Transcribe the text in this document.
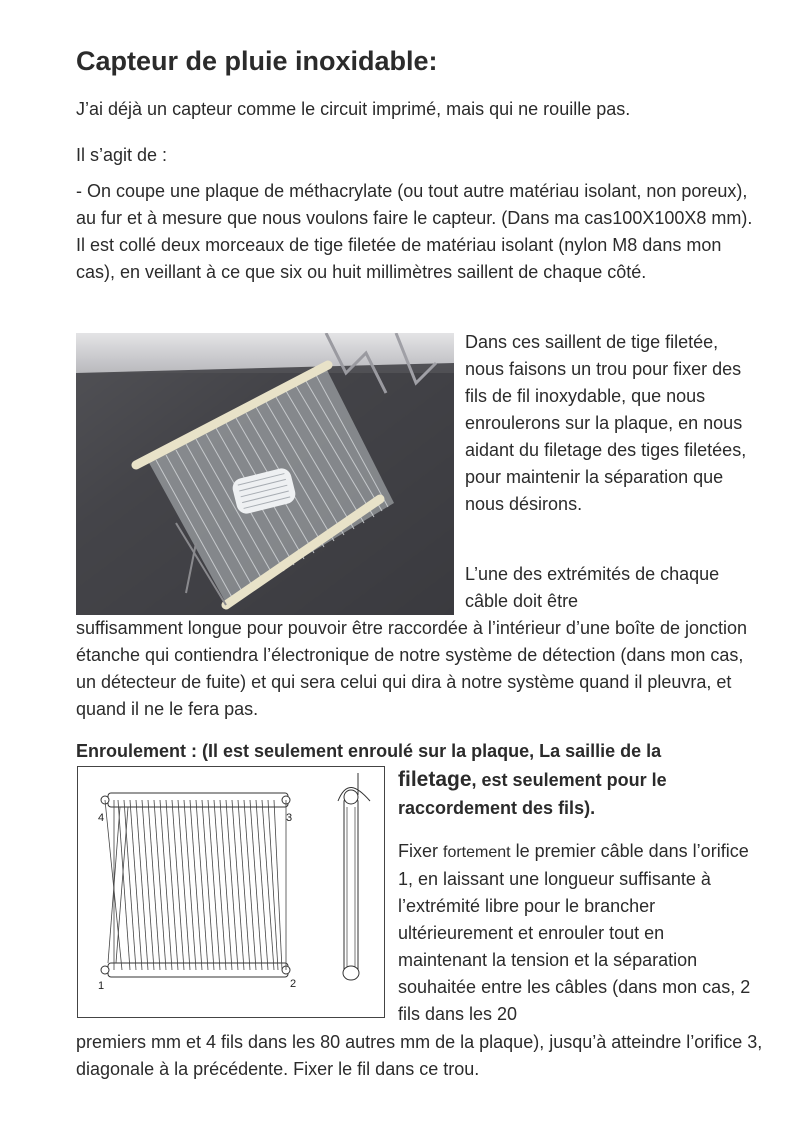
Capteur de pluie inoxidable:

J’ai déjà un capteur comme le circuit imprimé, mais qui ne rouille pas.

Il s’agit de :

- On coupe une plaque de méthacrylate (ou tout autre matériau isolant, non poreux), au fur et à mesure que nous voulons faire le capteur. (Dans ma cas100X100X8 mm). Il est collé deux morceaux de tige filetée de matériau isolant (nylon M8 dans mon cas), en veillant à ce que six ou huit millimètres saillent de chaque côté.

Dans ces saillent de tige filetée, nous faisons un trou pour fixer des fils de fil inoxydable, que nous enroulerons sur la plaque, en nous aidant du filetage des tiges filetées, pour maintenir la séparation que nous désirons.

L’une des extrémités de chaque câble doit être

suffisamment longue pour pouvoir être raccordée à l’intérieur d’une boîte de jonction étanche qui contiendra l’électronique de notre système de détection (dans mon cas, un détecteur de fuite) et qui sera celui qui dira à notre système quand il pleuvra, et quand il ne le fera pas.

Enroulement : (Il est seulement enroulé sur la plaque, La saillie de la

4	3
1	2

filetage, est seulement pour le raccordement des fils).

Fixer fortement le premier câble dans l’orifice 1, en laissant une longueur suffisante à l’extrémité libre pour le brancher ultérieurement et enrouler tout en maintenant la tension et la séparation souhaitée entre les câbles (dans mon cas, 2 fils dans les 20

premiers mm et 4 fils dans les 80 autres mm de la plaque), jusqu’à atteindre l’orifice 3, diagonale à la précédente. Fixer le fil dans ce trou.
